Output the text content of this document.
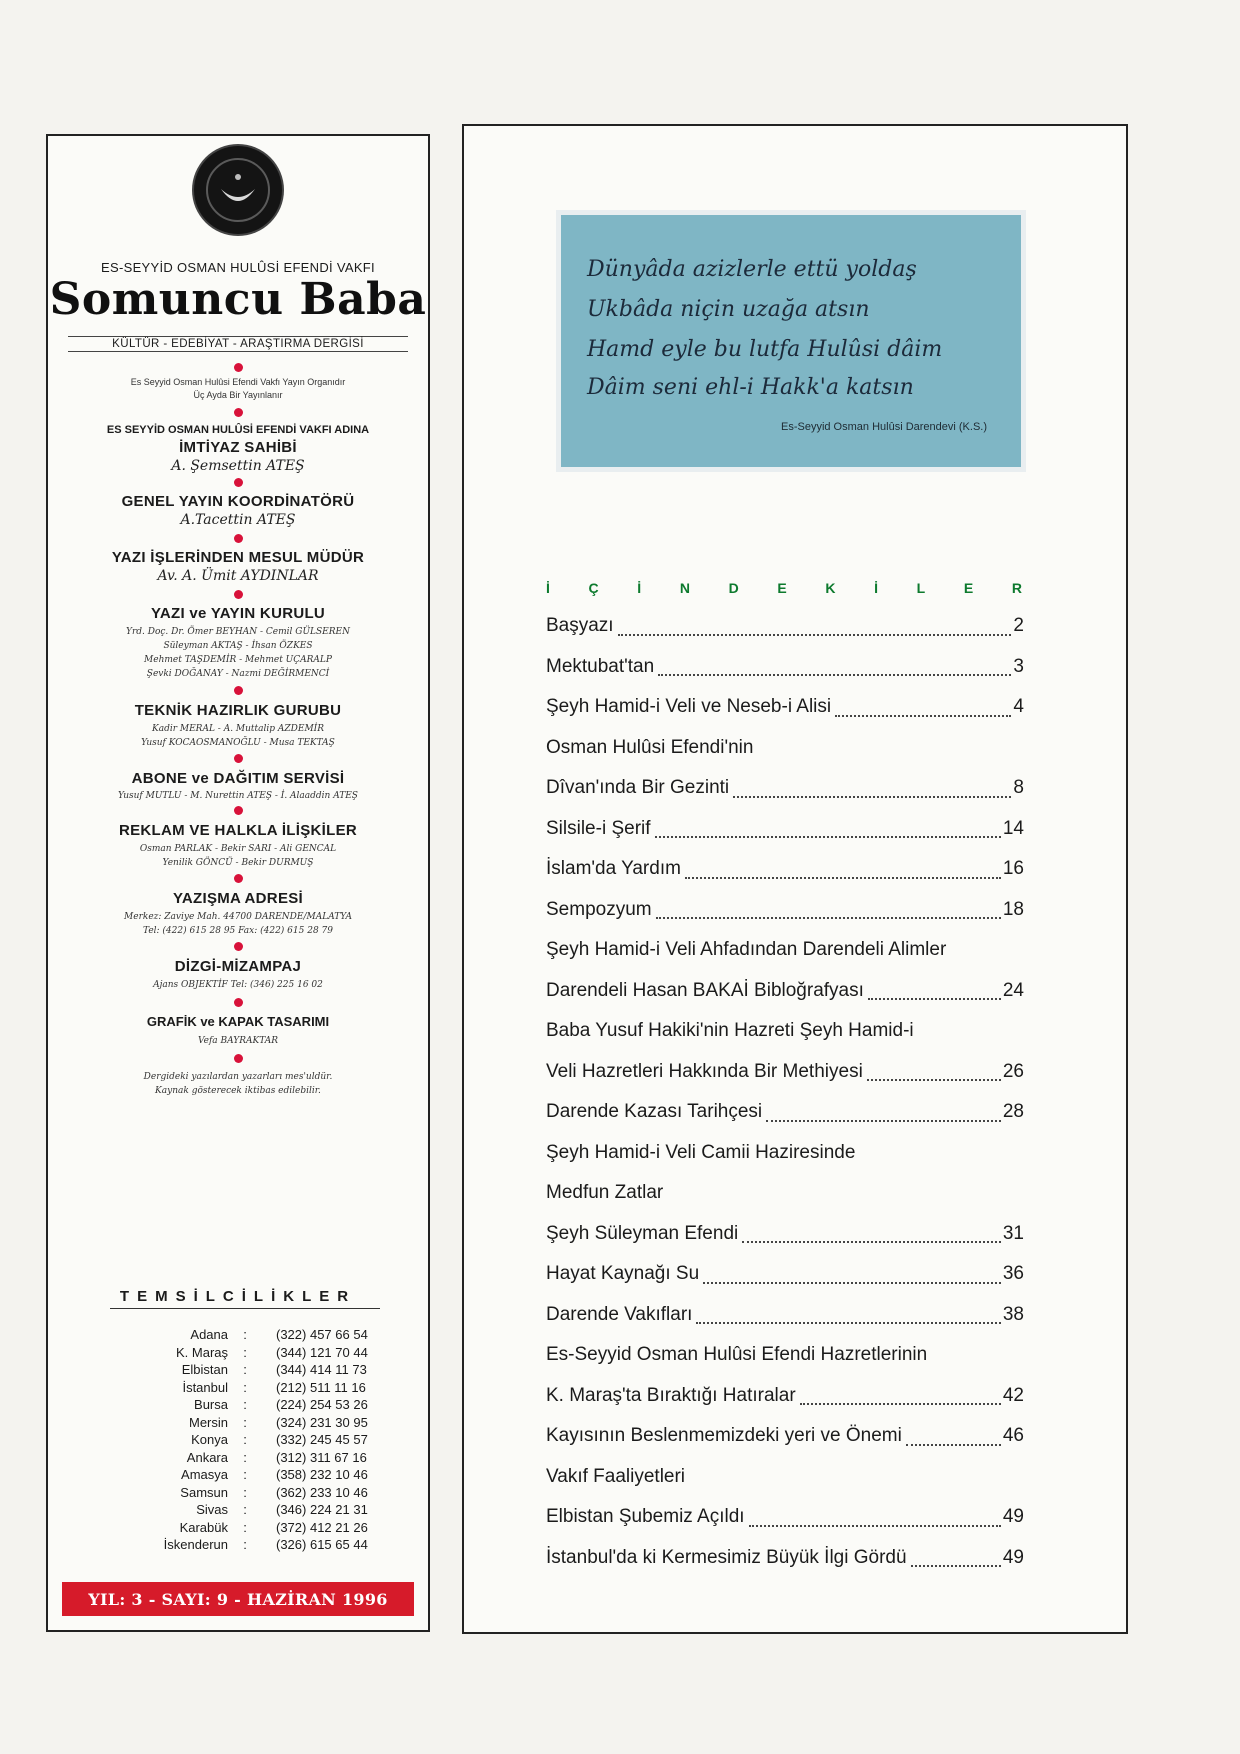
ES-SEYYİD OSMAN HULÛSİ EFENDİ VAKFI
Somuncu Baba
KÜLTÜR - EDEBİYAT - ARAŞTIRMA DERGİSİ
Es Seyyid Osman Hulûsi Efendi Vakfı Yayın Organıdır
Üç Ayda Bir Yayınlanır
ES SEYYİD OSMAN HULÛSİ EFENDİ VAKFI ADINA
İMTİYAZ SAHİBİ
A. Şemsettin ATEŞ
GENEL YAYIN KOORDİNATÖRÜ
A.Tacettin ATEŞ
YAZI İŞLERİNDEN MESUL MÜDÜR
Av. A. Ümit AYDINLAR
YAZI ve YAYIN KURULU
Yrd. Doç. Dr. Ömer BEYHAN - Cemil GÜLSEREN
Süleyman AKTAŞ - İhsan ÖZKES
Mehmet TAŞDEMİR - Mehmet UÇARALP
Şevki DOĞANAY - Nazmi DEĞİRMENCİ
TEKNİK HAZIRLIK GURUBU
Kadir MERAL - A. Muttalip AZDEMİR
Yusuf KOCAOSMANOĞLU - Musa TEKTAŞ
ABONE ve DAĞITIM SERVİSİ
Yusuf MUTLU - M. Nurettin ATEŞ - İ. Alaaddin ATEŞ
REKLAM VE HALKLA İLİŞKİLER
Osman PARLAK - Bekir SARI - Ali GENCAL
Yenilik GÖNCÜ - Bekir DURMUŞ
YAZIŞMA ADRESİ
Merkez: Zaviye Mah. 44700 DARENDE/MALATYA
Tel: (422) 615 28 95 Fax: (422) 615 28 79
DİZGİ-MİZAMPAJ
Ajans OBJEKTİF Tel: (346) 225 16 02
GRAFİK ve KAPAK TASARIMI
Vefa BAYRAKTAR
Dergideki yazılardan yazarları mes'uldür.
Kaynak gösterecek iktibas edilebilir.
TEMSİLCİLİKLER
Adana	:	(322) 457 66 54
K. Maraş	:	(344) 121 70 44
Elbistan	:	(344) 414 11 73
İstanbul	:	(212) 511 11 16
Bursa	:	(224) 254 53 26
Mersin	:	(324) 231 30 95
Konya	:	(332) 245 45 57
Ankara	:	(312) 311 67 16
Amasya	:	(358) 232 10 46
Samsun	:	(362) 233 10 46
Sivas	:	(346) 224 21 31
Karabük	:	(372) 412 21 26
İskenderun	:	(326) 615 65 44
YIL: 3 - SAYI: 9 - HAZİRAN 1996
Dünyâda azizlerle ettü yoldaş
Ukbâda niçin uzağa atsın
Hamd eyle bu lutfa Hulûsi dâim
Dâim seni ehl-i Hakk'a katsın
Es-Seyyid Osman Hulûsi Darendevi (K.S.)
İ	Ç	İ	N	D	E	K	İ	L	E	R
Başyazı	2
Mektubat'tan	3
Şeyh Hamid-i Veli ve Neseb-i Alisi	4
Osman Hulûsi Efendi'nin
Dîvan'ında Bir Gezinti	8
Silsile-i Şerif	14
İslam'da Yardım	16
Sempozyum	18
Şeyh Hamid-i Veli Ahfadından Darendeli Alimler
Darendeli Hasan BAKAİ Bibloğrafyası	24
Baba Yusuf Hakiki'nin Hazreti Şeyh Hamid-i
Veli Hazretleri Hakkında Bir Methiyesi	26
Darende Kazası Tarihçesi	28
Şeyh Hamid-i Veli Camii Haziresinde
Medfun Zatlar
Şeyh Süleyman Efendi	31
Hayat Kaynağı Su	36
Darende Vakıfları	38
Es-Seyyid Osman Hulûsi Efendi Hazretlerinin
K. Maraş'ta Bıraktığı Hatıralar	42
Kayısının Beslenmemizdeki yeri ve Önemi	46
Vakıf Faaliyetleri
Elbistan Şubemiz Açıldı	49
İstanbul'da ki Kermesimiz Büyük İlgi Gördü	49
